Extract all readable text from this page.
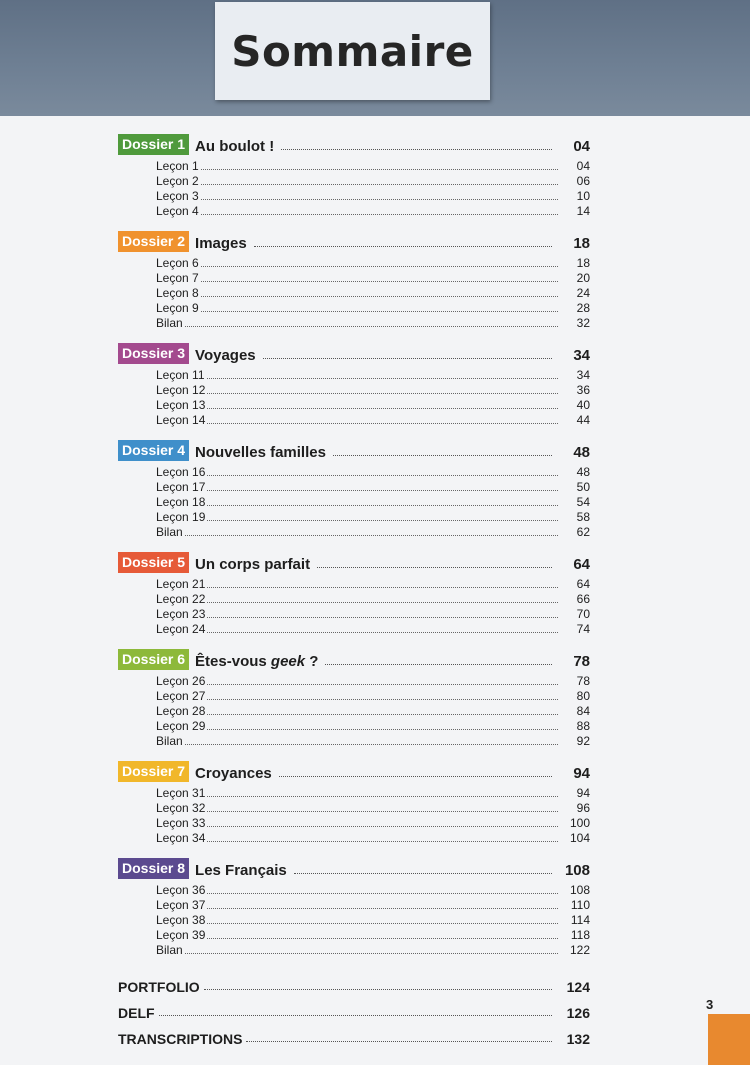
Sommaire
Dossier 1 Au boulot !	04
Leçon 1	04
Leçon 2	06
Leçon 3	10
Leçon 4	14
Dossier 2 Images	18
Leçon 6	18
Leçon 7	20
Leçon 8	24
Leçon 9	28
Bilan	32
Dossier 3 Voyages	34
Leçon 11	34
Leçon 12	36
Leçon 13	40
Leçon 14	44
Dossier 4 Nouvelles familles	48
Leçon 16	48
Leçon 17	50
Leçon 18	54
Leçon 19	58
Bilan	62
Dossier 5 Un corps parfait	64
Leçon 21	64
Leçon 22	66
Leçon 23	70
Leçon 24	74
Dossier 6 Êtes-vous geek ?	78
Leçon 26	78
Leçon 27	80
Leçon 28	84
Leçon 29	88
Bilan	92
Dossier 7 Croyances	94
Leçon 31	94
Leçon 32	96
Leçon 33	100
Leçon 34	104
Dossier 8 Les Français	108
Leçon 36	108
Leçon 37	110
Leçon 38	114
Leçon 39	118
Bilan	122
PORTFOLIO	124
DELF	126
TRANSCRIPTIONS	132
3
